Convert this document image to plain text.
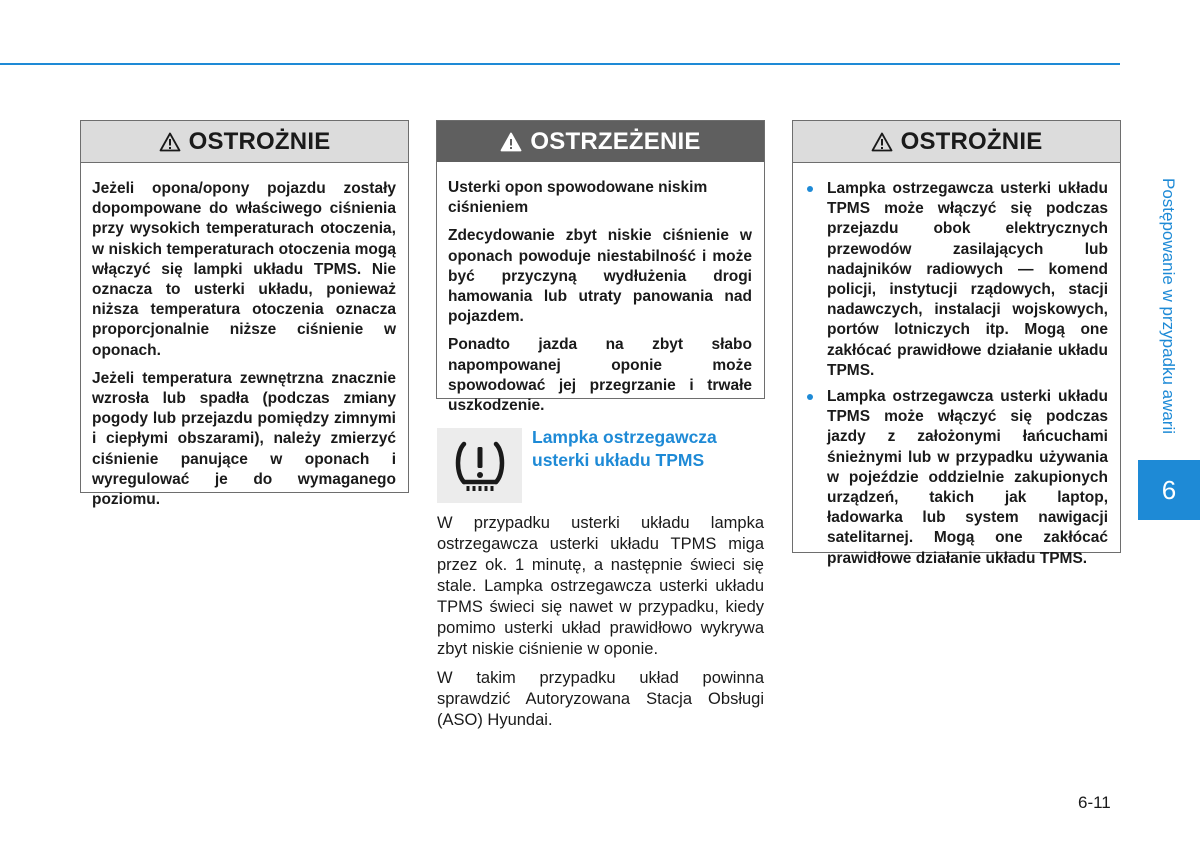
OSTROŻNIE

Jeżeli opona/opony pojazdu zostały dopompowane do właściwego ciśnienia przy wysokich temperaturach otoczenia, w niskich temperaturach otoczenia mogą włączyć się lampki układu TPMS. Nie oznacza to usterki układu, ponieważ niższa temperatura otoczenia oznacza proporcjonalnie niższe ciśnienie w oponach.

Jeżeli temperatura zewnętrzna znacznie wzrosła lub spadła (podczas zmiany pogody lub przejazdu pomiędzy zimnymi i ciepłymi obszarami), należy zmierzyć ciśnienie panujące w oponach i wyregulować je do wymaganego poziomu.

OSTRZEŻENIE

Usterki opon spowodowane niskim ciśnieniem

Zdecydowanie zbyt niskie ciśnienie w oponach powoduje niestabilność i może być przyczyną wydłużenia drogi hamowania lub utraty panowania nad pojazdem.

Ponadto jazda na zbyt słabo napompowanej oponie może spowodować jej przegrzanie i trwałe uszkodzenie.

Lampka ostrzegawcza usterki układu TPMS

W przypadku usterki układu lampka ostrzegawcza usterki układu TPMS miga przez ok. 1 minutę, a następnie świeci się stale. Lampka ostrzegawcza usterki układu TPMS świeci się nawet w przypadku, kiedy pomimo usterki układ prawidłowo wykrywa zbyt niskie ciśnienie w oponie.

W takim przypadku układ powinna sprawdzić Autoryzowana Stacja Obsługi (ASO) Hyundai.

OSTROŻNIE
Lampka ostrzegawcza usterki układu TPMS może włączyć się podczas przejazdu obok elektrycznych przewodów zasilających lub nadajników radiowych — komend policji, instytucji rządowych, stacji nadawczych, instalacji wojskowych, portów lotniczych itp. Mogą one zakłócać prawidłowe działanie układu TPMS.
Lampka ostrzegawcza usterki układu TPMS może włączyć się podczas jazdy z założonymi łańcuchami śnieżnymi lub w przypadku używania w pojeździe oddzielnie zakupionych urządzeń, takich jak laptop, ładowarka lub system nawigacji satelitarnej. Mogą one zakłócać prawidłowe działanie układu TPMS.
Postępowanie w przypadku awarii
6
6-11
